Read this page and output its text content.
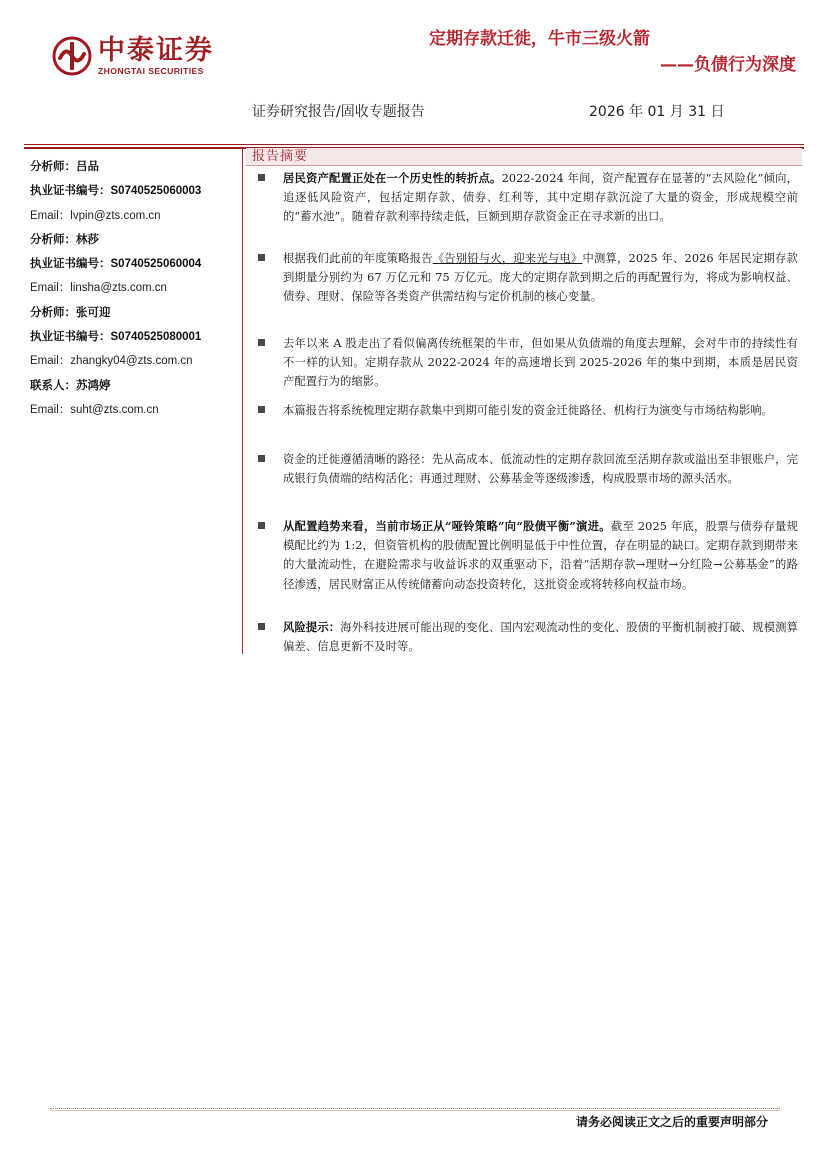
中泰证券
ZHONGTAI SECURITIES
定期存款迁徙，牛市三级火箭
——负债行为深度
证券研究报告/固收专题报告	2026 年 01 月 31 日
分析师：吕品
执业证书编号：S0740525060003
Email：lvpin@zts.com.cn
分析师：林莎
执业证书编号：S0740525060004
Email：linsha@zts.com.cn
分析师：张可迎
执业证书编号：S0740525080001
Email：zhangky04@zts.com.cn
联系人：苏鸿婷
Email：suht@zts.com.cn
报告摘要
居民资产配置正处在一个历史性的转折点。2022-2024 年间，资产配置存在显著的“去风险化”倾向，追逐低风险资产，包括定期存款、债券、红利等，其中定期存款沉淀了大量的资金，形成规模空前的“蓄水池”。随着存款利率持续走低，巨额到期存款资金正在寻求新的出口。
根据我们此前的年度策略报告《告别铅与火，迎来光与电》中测算，2025 年、2026 年居民定期存款到期量分别约为 67 万亿元和 75 万亿元。庞大的定期存款到期之后的再配置行为，将成为影响权益、债券、理财、保险等各类资产供需结构与定价机制的核心变量。
去年以来 A 股走出了看似偏离传统框架的牛市，但如果从负债端的角度去理解，会对牛市的持续性有不一样的认知。定期存款从 2022-2024 年的高速增长到 2025-2026 年的集中到期，本质是居民资产配置行为的缩影。
本篇报告将系统梳理定期存款集中到期可能引发的资金迁徙路径、机构行为演变与市场结构影响。
资金的迁徙遵循清晰的路径：先从高成本、低流动性的定期存款回流至活期存款或溢出至非银账户，完成银行负债端的结构活化；再通过理财、公募基金等逐级渗透，构成股票市场的源头活水。
从配置趋势来看，当前市场正从“哑铃策略”向“股债平衡”演进。截至 2025 年底，股票与债券存量规模配比约为 1:2，但资管机构的股债配置比例明显低于中性位置，存在明显的缺口。定期存款到期带来的大量流动性，在避险需求与收益诉求的双重驱动下，沿着“活期存款→理财→分红险→公募基金”的路径渗透，居民财富正从传统储蓄向动态投资转化，这批资金或将转移向权益市场。
风险提示：海外科技进展可能出现的变化、国内宏观流动性的变化、股债的平衡机制被打破、规模测算偏差、信息更新不及时等。
请务必阅读正文之后的重要声明部分
